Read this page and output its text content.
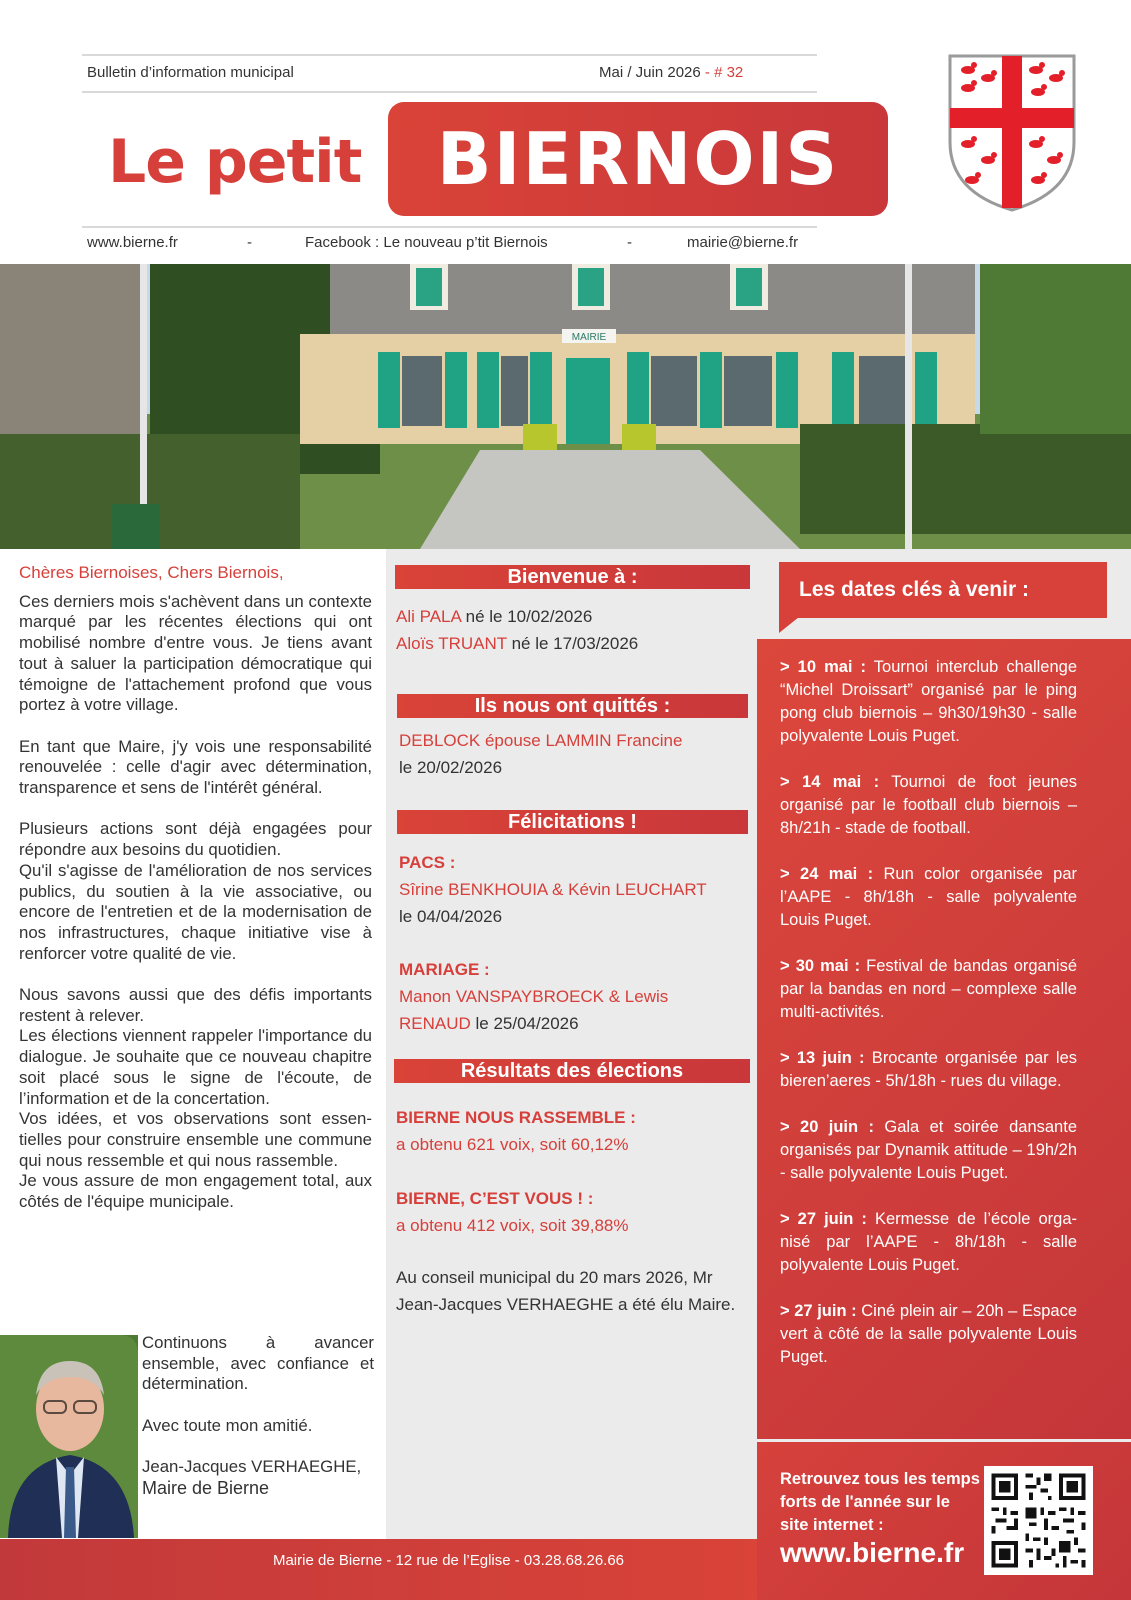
Bulletin d’information municipal	Mai / Juin 2026 - # 32
Le petit BIERNOIS
www.bierne.fr	-	Facebook : Le nouveau p’tit Biernois	-	mairie@bierne.fr
MAIRIE
Chères Biernoises, Chers Biernois,

Ces derniers mois s'achèvent dans un contexte marqué par les récentes élections qui ont mobilisé nombre d'entre vous. Je tiens avant tout à saluer la participation démocratique qui témoigne de l'attachement profond que vous portez à votre village.

En tant que Maire, j'y vois une responsabilité renouvelée : celle d'agir avec détermination, transparence et sens de l'intérêt général.

Plusieurs actions sont déjà engagées pour répondre aux besoins du quotidien.

Qu'il s'agisse de l'amélioration de nos services publics, du soutien à la vie associative, ou encore de l'entretien et de la modernisation de nos infrastructures, chaque initiative vise à renforcer votre qualité de vie.

Nous savons aussi que des défis importants restent à relever.

Les élections viennent rappeler l'importance du dialogue. Je souhaite que ce nouveau chapitre soit placé sous le signe de l'écoute, de l’information et de la concertation.

Vos idées, et vos observations sont essentielles pour construire ensemble une commune qui nous ressemble et qui nous rassemble.

Je vous assure de mon engagement total, aux côtés de l'équipe municipale.

Continuons à avancer ensemble, avec confiance et détermination.

Avec toute mon amitié.

Jean-Jacques VERHAEGHE,
Maire de Bierne
Bienvenue à :
Ali PALA né le 10/02/2026
Aloïs TRUANT né le 17/03/2026
Ils nous ont quittés :
DEBLOCK épouse LAMMIN Francine
le 20/02/2026
Félicitations !
PACS :
Sîrine BENKHOUIA & Kévin LEUCHART
le 04/04/2026
MARIAGE :
Manon VANSPAYBROECK & Lewis
RENAUD le 25/04/2026
Résultats des élections
BIERNE NOUS RASSEMBLE :
a obtenu 621 voix, soit 60,12%
BIERNE, C’EST VOUS ! :
a obtenu 412 voix, soit 39,88%
Au conseil municipal du 20 mars 2026, Mr Jean-Jacques VERHAEGHE a été élu Maire.
Les dates clés à venir :
> 10 mai : Tournoi interclub challenge “Michel Droissart” organisé par le ping pong club biernois – 9h30/19h30 - salle polyvalente Louis Puget.
> 14 mai : Tournoi de foot jeunes organisé par le football club biernois – 8h/21h - stade de football.
> 24 mai : Run color organisée par l’AAPE - 8h/18h - salle polyvalente Louis Puget.
> 30 mai : Festival de bandas organisé par la bandas en nord – complexe salle multi-activités.
> 13 juin : Brocante organisée par les bieren’aeres - 5h/18h - rues du village.
> 20 juin : Gala et soirée dansante organisés par Dynamik attitude – 19h/2h - salle polyvalente Louis Puget.
> 27 juin : Kermesse de l’école organisé par l’AAPE - 8h/18h - salle polyvalente Louis Puget.
> 27 juin : Ciné plein air – 20h – Espace vert à côté de la salle polyvalente Louis Puget.
Retrouvez tous les temps forts de l'année sur le site internet :
www.bierne.fr
Mairie de Bierne - 12 rue de l’Eglise - 03.28.68.26.66
